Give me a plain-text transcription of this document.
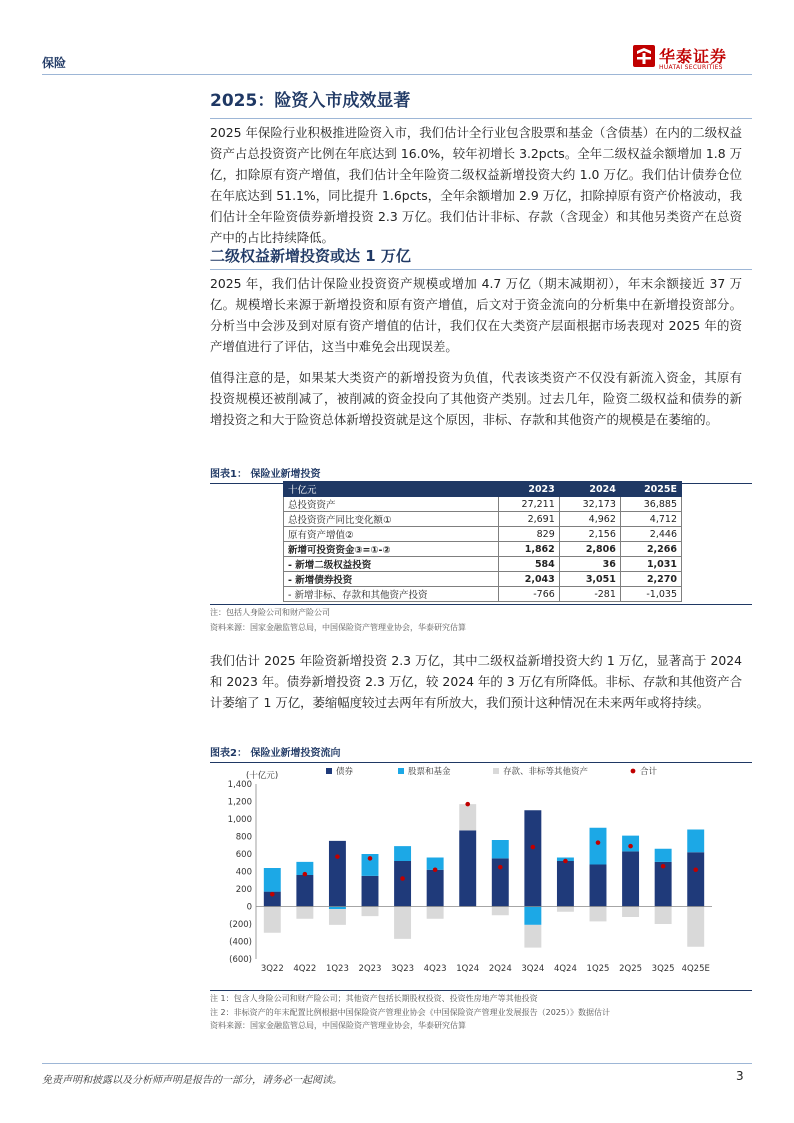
保险	华泰证券
HUATAI SECURITIES
2025：险资入市成效显著

2025 年保险行业积极推进险资入市，我们估计全行业包含股票和基金（含债基）在内的二级权益资产占总投资资产比例在年底达到 16.0%，较年初增长 3.2pcts。全年二级权益余额增加 1.8 万亿，扣除原有资产增值，我们估计全年险资二级权益新增投资大约 1.0 万亿。我们估计债券仓位在年底达到 51.1%，同比提升 1.6pcts，全年余额增加 2.9 万亿，扣除掉原有资产价格波动，我们估计全年险资债券新增投资 2.3 万亿。我们估计非标、存款（含现金）和其他另类资产在总资产中的占比持续降低。

二级权益新增投资或达 1 万亿

2025 年，我们估计保险业投资资产规模或增加 4.7 万亿（期末减期初），年末余额接近 37 万亿。规模增长来源于新增投资和原有资产增值，后文对于资金流向的分析集中在新增投资部分。分析当中会涉及到对原有资产增值的估计，我们仅在大类资产层面根据市场表现对 2025 年的资产增值进行了评估，这当中难免会出现误差。

值得注意的是，如果某大类资产的新增投资为负值，代表该类资产不仅没有新流入资金，其原有投资规模还被削减了，被削减的资金投向了其他资产类别。过去几年，险资二级权益和债券的新增投资之和大于险资总体新增投资就是这个原因，非标、存款和其他资产的规模是在萎缩的。

图表1： 保险业新增投资
十亿元	2023	2024	2025E
总投资资产	27,211	32,173	36,885
总投资资产同比变化额①	2,691	4,962	4,712
原有资产增值②	829	2,156	2,446
新增可投资资金③=①-②	1,862	2,806	2,266
- 新增二级权益投资	584	36	1,031
- 新增债券投资	2,043	3,051	2,270
- 新增非标、存款和其他资产投资	-766	-281	-1,035
注：包括人身险公司和财产险公司
资料来源：国家金融监管总局，中国保险资产管理业协会，华泰研究估算

我们估计 2025 年险资新增投资 2.3 万亿，其中二级权益新增投资大约 1 万亿，显著高于 2024 和 2023 年。债券新增投资 2.3 万亿，较 2024 年的 3 万亿有所降低。非标、存款和其他资产合计萎缩了 1 万亿，萎缩幅度较过去两年有所放大，我们预计这种情况在未来两年或将持续。

图表2： 保险业新增投资流向
(十亿元)
(600)
(400)
(200)
0
200
400
600
800
1,000
1,200
1,400
债券	股票和基金	存款、非标等其他资产	合计
3Q22 4Q22 1Q23 2Q23 3Q23 4Q23 1Q24 2Q24 3Q24 4Q24 1Q25 2Q25 3Q25 4Q25E
注 1：包含人身险公司和财产险公司；其他资产包括长期股权投资、投资性房地产等其他投资
注 2：非标资产的年末配置比例根据中国保险资产管理业协会《中国保险资产管理业发展报告（2025）》数据估计
资料来源：国家金融监管总局，中国保险资产管理业协会，华泰研究估算
免责声明和披露以及分析师声明是报告的一部分，请务必一起阅读。	3
